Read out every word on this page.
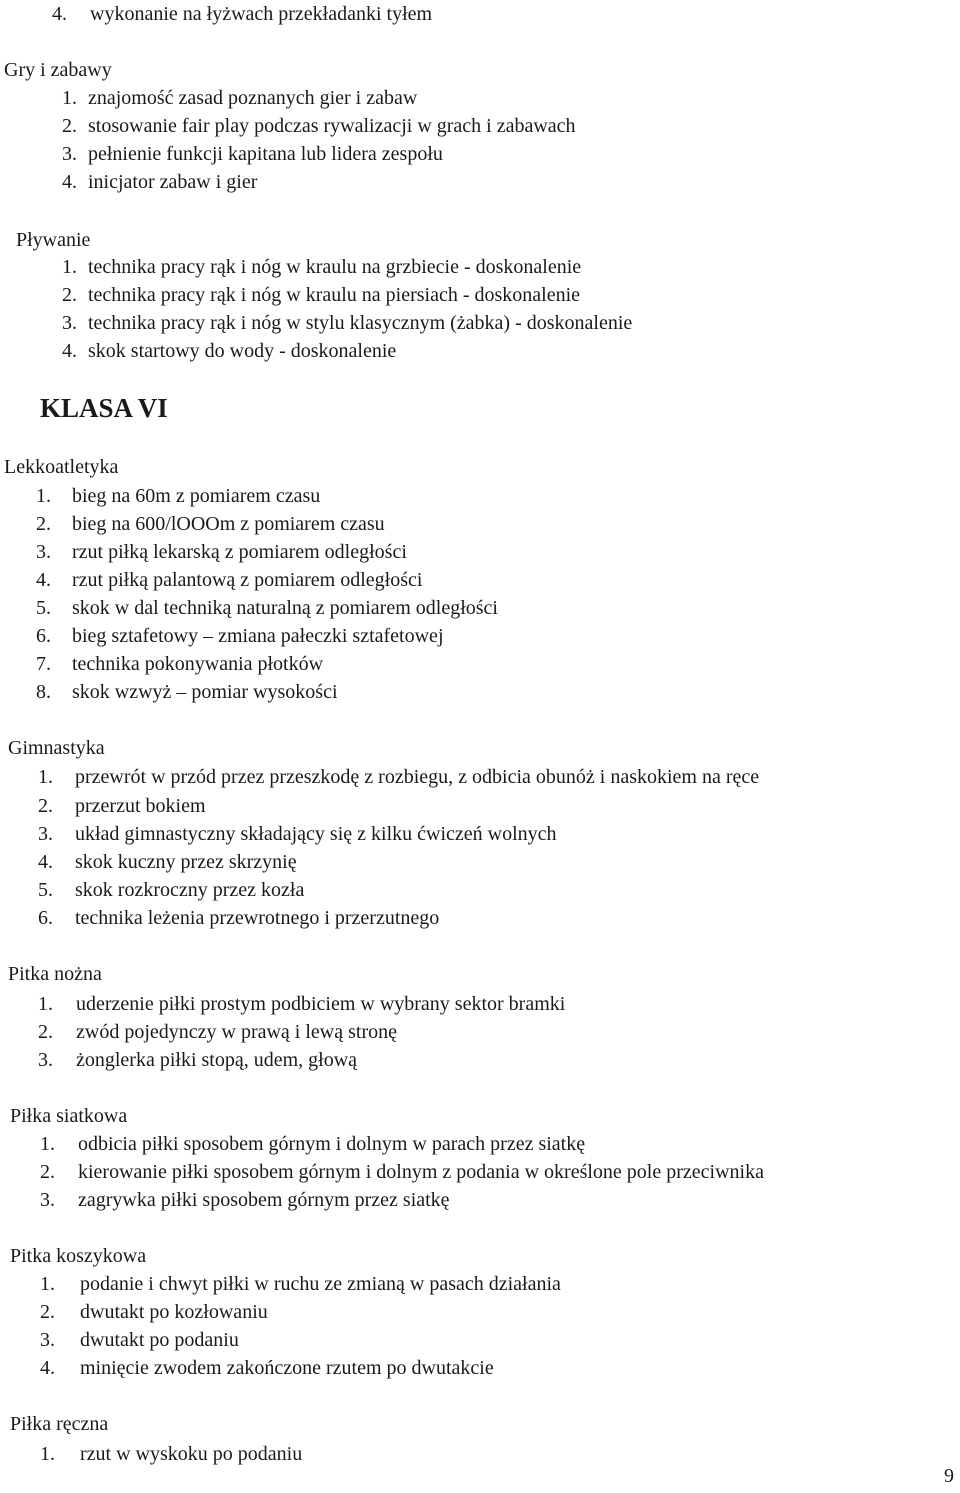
4. wykonanie na łyżwach przekładanki tyłem
Gry i zabawy
1. znajomość zasad poznanych gier i zabaw
2. stosowanie fair play podczas rywalizacji w grach i zabawach
3. pełnienie funkcji kapitana lub lidera zespołu
4. inicjator zabaw i gier
Pływanie
1. technika pracy rąk i nóg w kraulu na grzbiecie - doskonalenie
2. technika pracy rąk i nóg w kraulu na piersiach - doskonalenie
3. technika pracy rąk i nóg w stylu klasycznym (żabka) - doskonalenie
4. skok startowy do wody - doskonalenie
KLASA VI
Lekkoatletyka
1. bieg na 60m z pomiarem czasu
2. bieg na 600/lOOOm z pomiarem czasu
3. rzut piłką lekarską z pomiarem odległości
4. rzut piłką palantową z pomiarem odległości
5. skok w dal techniką naturalną z pomiarem odległości
6. bieg sztafetowy – zmiana pałeczki sztafetowej
7. technika pokonywania płotków
8. skok wzwyż – pomiar wysokości
Gimnastyka
1. przewrót w przód przez przeszkodę z rozbiegu, z odbicia obunóż i naskokiem na ręce
2. przerzut bokiem
3. układ gimnastyczny składający się z kilku ćwiczeń wolnych
4. skok kuczny przez skrzynię
5. skok rozkroczny przez kozła
6. technika leżenia przewrotnego i przerzutnego
Pitka nożna
1. uderzenie piłki prostym podbiciem w wybrany sektor bramki
2. zwód pojedynczy w prawą i lewą stronę
3. żonglerka piłki stopą, udem, głową
Piłka siatkowa
1. odbicia piłki sposobem górnym i dolnym w parach przez siatkę
2. kierowanie piłki sposobem górnym i dolnym z podania w określone pole przeciwnika
3. zagrywka piłki sposobem górnym przez siatkę
Pitka koszykowa
1. podanie i chwyt piłki w ruchu ze zmianą w pasach działania
2. dwutakt po kozłowaniu
3. dwutakt po podaniu
4. minięcie zwodem zakończone rzutem po dwutakcie
Piłka ręczna
1. rzut w wyskoku po podaniu
9
